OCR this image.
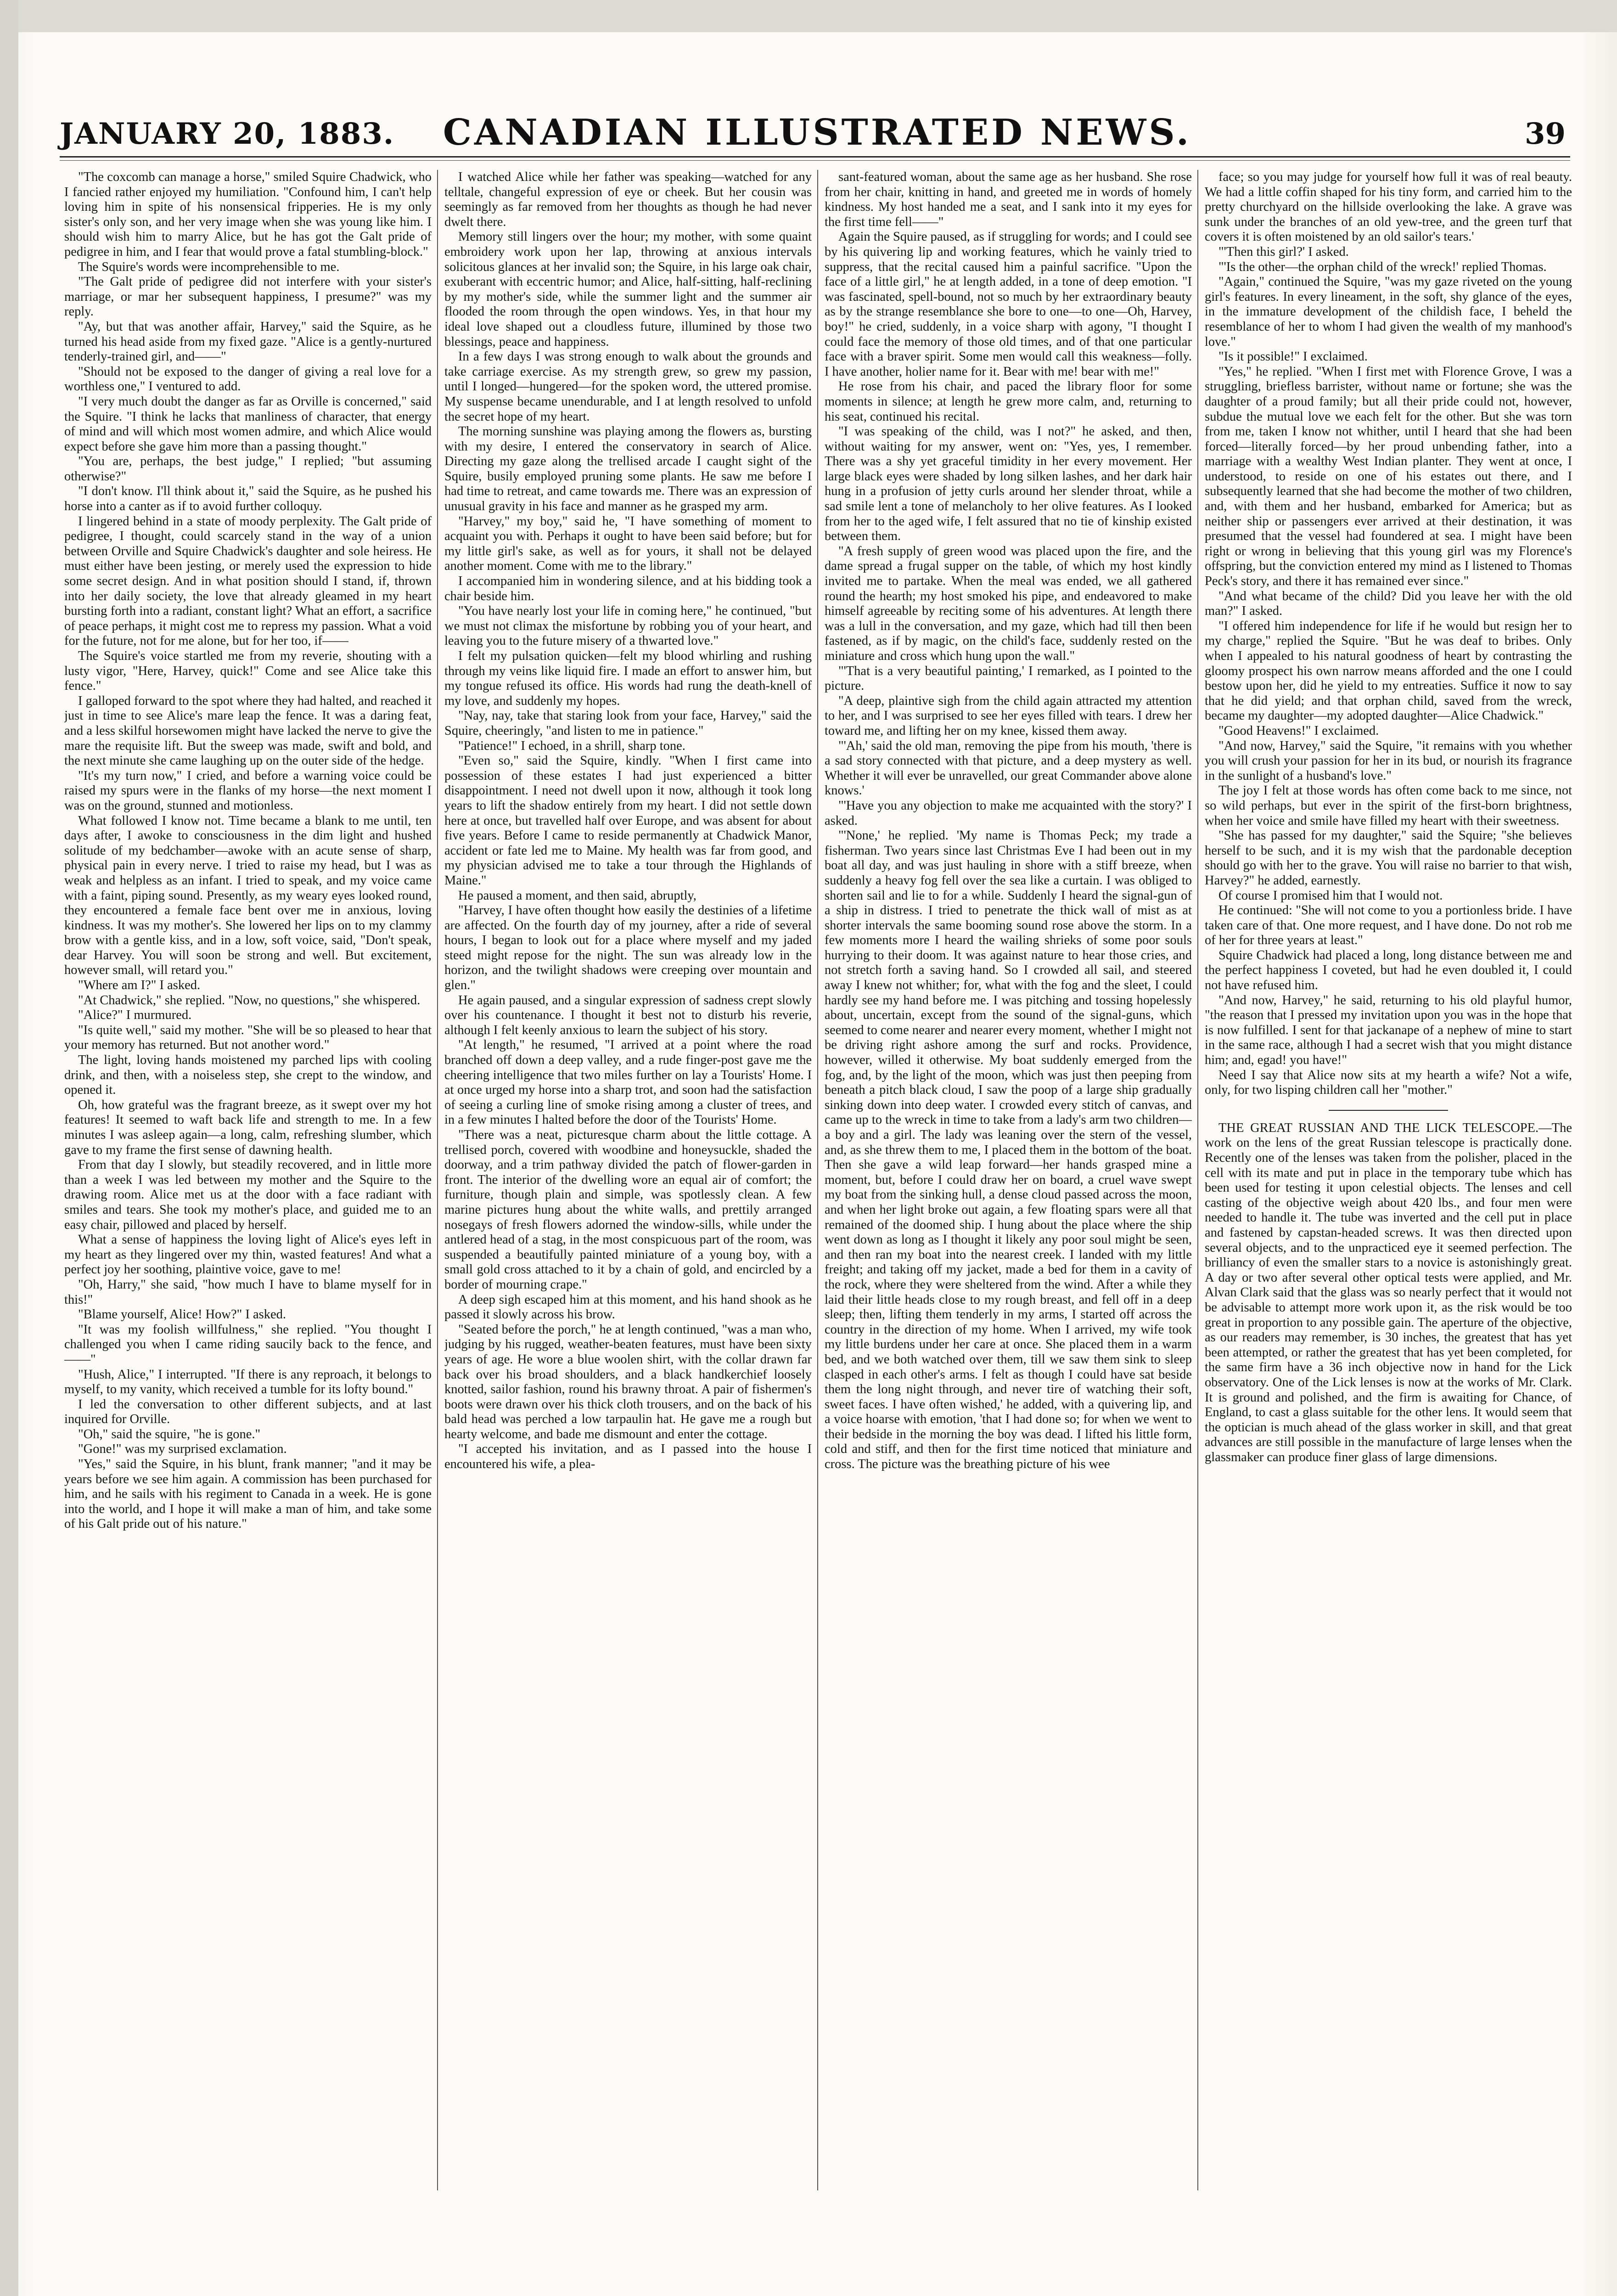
JANUARY 20, 1883.	CANADIAN ILLUSTRATED NEWS.	39

"The coxcomb can manage a horse," smiled Squire Chadwick, who I fancied rather enjoyed my humiliation. "Confound him, I can't help loving him in spite of his nonsensical fripperies. He is my only sister's only son, and her very image when she was young like him. I should wish him to marry Alice, but he has got the Galt pride of pedigree in him, and I fear that would prove a fatal stumbling-block."

The Squire's words were incomprehensible to me.

"The Galt pride of pedigree did not interfere with your sister's marriage, or mar her subsequent happiness, I presume?" was my reply.

"Ay, but that was another affair, Harvey," said the Squire, as he turned his head aside from my fixed gaze. "Alice is a gently-nurtured tenderly-trained girl, and——"

"Should not be exposed to the danger of giving a real love for a worthless one," I ventured to add.

"I very much doubt the danger as far as Orville is concerned," said the Squire. "I think he lacks that manliness of character, that energy of mind and will which most women admire, and which Alice would expect before she gave him more than a passing thought."

"You are, perhaps, the best judge," I replied; "but assuming otherwise?"

"I don't know. I'll think about it," said the Squire, as he pushed his horse into a canter as if to avoid further colloquy.

I lingered behind in a state of moody perplexity. The Galt pride of pedigree, I thought, could scarcely stand in the way of a union between Orville and Squire Chadwick's daughter and sole heiress. He must either have been jesting, or merely used the expression to hide some secret design. And in what position should I stand, if, thrown into her daily society, the love that already gleamed in my heart bursting forth into a radiant, constant light? What an effort, a sacrifice of peace perhaps, it might cost me to repress my passion. What a void for the future, not for me alone, but for her too, if——

The Squire's voice startled me from my reverie, shouting with a lusty vigor, "Here, Harvey, quick!" Come and see Alice take this fence."

I galloped forward to the spot where they had halted, and reached it just in time to see Alice's mare leap the fence. It was a daring feat, and a less skilful horsewomen might have lacked the nerve to give the mare the requisite lift. But the sweep was made, swift and bold, and the next minute she came laughing up on the outer side of the hedge.

"It's my turn now," I cried, and before a warning voice could be raised my spurs were in the flanks of my horse—the next moment I was on the ground, stunned and motionless.

What followed I know not. Time became a blank to me until, ten days after, I awoke to consciousness in the dim light and hushed solitude of my bedchamber—awoke with an acute sense of sharp, physical pain in every nerve. I tried to raise my head, but I was as weak and helpless as an infant. I tried to speak, and my voice came with a faint, piping sound. Presently, as my weary eyes looked round, they encountered a female face bent over me in anxious, loving kindness. It was my mother's. She lowered her lips on to my clammy brow with a gentle kiss, and in a low, soft voice, said, "Don't speak, dear Harvey. You will soon be strong and well. But excitement, however small, will retard you."

"Where am I?" I asked.

"At Chadwick," she replied. "Now, no questions," she whispered.

"Alice?" I murmured.

"Is quite well," said my mother. "She will be so pleased to hear that your memory has returned. But not another word."

The light, loving hands moistened my parched lips with cooling drink, and then, with a noiseless step, she crept to the window, and opened it.

Oh, how grateful was the fragrant breeze, as it swept over my hot features! It seemed to waft back life and strength to me. In a few minutes I was asleep again—a long, calm, refreshing slumber, which gave to my frame the first sense of dawning health.

From that day I slowly, but steadily recovered, and in little more than a week I was led between my mother and the Squire to the drawing room. Alice met us at the door with a face radiant with smiles and tears. She took my mother's place, and guided me to an easy chair, pillowed and placed by herself.

What a sense of happiness the loving light of Alice's eyes left in my heart as they lingered over my thin, wasted features! And what a perfect joy her soothing, plaintive voice, gave to me!

"Oh, Harry," she said, "how much I have to blame myself for in this!"

"Blame yourself, Alice! How?" I asked.

"It was my foolish willfulness," she replied. "You thought I challenged you when I came riding saucily back to the fence, and——"

"Hush, Alice," I interrupted. "If there is any reproach, it belongs to myself, to my vanity, which received a tumble for its lofty bound."

I led the conversation to other different subjects, and at last inquired for Orville.

"Oh," said the squire, "he is gone."

"Gone!" was my surprised exclamation.

"Yes," said the Squire, in his blunt, frank manner; "and it may be years before we see him again. A commission has been purchased for him, and he sails with his regiment to Canada in a week. He is gone into the world, and I hope it will make a man of him, and take some of his Galt pride out of his nature."

I watched Alice while her father was speaking—watched for any telltale, changeful expression of eye or cheek. But her cousin was seemingly as far removed from her thoughts as though he had never dwelt there.

Memory still lingers over the hour; my mother, with some quaint embroidery work upon her lap, throwing at anxious intervals solicitous glances at her invalid son; the Squire, in his large oak chair, exuberant with eccentric humor; and Alice, half-sitting, half-reclining by my mother's side, while the summer light and the summer air flooded the room through the open windows. Yes, in that hour my ideal love shaped out a cloudless future, illumined by those two blessings, peace and happiness.

In a few days I was strong enough to walk about the grounds and take carriage exercise. As my strength grew, so grew my passion, until I longed—hungered—for the spoken word, the uttered promise. My suspense became unendurable, and I at length resolved to unfold the secret hope of my heart.

The morning sunshine was playing among the flowers as, bursting with my desire, I entered the conservatory in search of Alice. Directing my gaze along the trellised arcade I caught sight of the Squire, busily employed pruning some plants. He saw me before I had time to retreat, and came towards me. There was an expression of unusual gravity in his face and manner as he grasped my arm.

"Harvey," my boy," said he, "I have something of moment to acquaint you with. Perhaps it ought to have been said before; but for my little girl's sake, as well as for yours, it shall not be delayed another moment. Come with me to the library."

I accompanied him in wondering silence, and at his bidding took a chair beside him.

"You have nearly lost your life in coming here," he continued, "but we must not climax the misfortune by robbing you of your heart, and leaving you to the future misery of a thwarted love."

I felt my pulsation quicken—felt my blood whirling and rushing through my veins like liquid fire. I made an effort to answer him, but my tongue refused its office. His words had rung the death-knell of my love, and suddenly my hopes.

"Nay, nay, take that staring look from your face, Harvey," said the Squire, cheeringly, "and listen to me in patience."

"Patience!" I echoed, in a shrill, sharp tone.

"Even so," said the Squire, kindly. "When I first came into possession of these estates I had just experienced a bitter disappointment. I need not dwell upon it now, although it took long years to lift the shadow entirely from my heart. I did not settle down here at once, but travelled half over Europe, and was absent for about five years. Before I came to reside permanently at Chadwick Manor, accident or fate led me to Maine. My health was far from good, and my physician advised me to take a tour through the Highlands of Maine."

He paused a moment, and then said, abruptly,

"Harvey, I have often thought how easily the destinies of a lifetime are affected. On the fourth day of my journey, after a ride of several hours, I began to look out for a place where myself and my jaded steed might repose for the night. The sun was already low in the horizon, and the twilight shadows were creeping over mountain and glen."

He again paused, and a singular expression of sadness crept slowly over his countenance. I thought it best not to disturb his reverie, although I felt keenly anxious to learn the subject of his story.

"At length," he resumed, "I arrived at a point where the road branched off down a deep valley, and a rude finger-post gave me the cheering intelligence that two miles further on lay a Tourists' Home. I at once urged my horse into a sharp trot, and soon had the satisfaction of seeing a curling line of smoke rising among a cluster of trees, and in a few minutes I halted before the door of the Tourists' Home.

"There was a neat, picturesque charm about the little cottage. A trellised porch, covered with woodbine and honeysuckle, shaded the doorway, and a trim pathway divided the patch of flower-garden in front. The interior of the dwelling wore an equal air of comfort; the furniture, though plain and simple, was spotlessly clean. A few marine pictures hung about the white walls, and prettily arranged nosegays of fresh flowers adorned the window-sills, while under the antlered head of a stag, in the most conspicuous part of the room, was suspended a beautifully painted miniature of a young boy, with a small gold cross attached to it by a chain of gold, and encircled by a border of mourning crape."

A deep sigh escaped him at this moment, and his hand shook as he passed it slowly across his brow.

"Seated before the porch," he at length continued, "was a man who, judging by his rugged, weather-beaten features, must have been sixty years of age. He wore a blue woolen shirt, with the collar drawn far back over his broad shoulders, and a black handkerchief loosely knotted, sailor fashion, round his brawny throat. A pair of fishermen's boots were drawn over his thick cloth trousers, and on the back of his bald head was perched a low tarpaulin hat. He gave me a rough but hearty welcome, and bade me dismount and enter the cottage.

"I accepted his invitation, and as I passed into the house I encountered his wife, a plea-

sant-featured woman, about the same age as her husband. She rose from her chair, knitting in hand, and greeted me in words of homely kindness. My host handed me a seat, and I sank into it my eyes for the first time fell——"

Again the Squire paused, as if struggling for words; and I could see by his quivering lip and working features, which he vainly tried to suppress, that the recital caused him a painful sacrifice. "Upon the face of a little girl," he at length added, in a tone of deep emotion. "I was fascinated, spell-bound, not so much by her extraordinary beauty as by the strange resemblance she bore to one—to one—Oh, Harvey, boy!" he cried, suddenly, in a voice sharp with agony, "I thought I could face the memory of those old times, and of that one particular face with a braver spirit. Some men would call this weakness—folly. I have another, holier name for it. Bear with me! bear with me!"

He rose from his chair, and paced the library floor for some moments in silence; at length he grew more calm, and, returning to his seat, continued his recital.

"I was speaking of the child, was I not?" he asked, and then, without waiting for my answer, went on: "Yes, yes, I remember. There was a shy yet graceful timidity in her every movement. Her large black eyes were shaded by long silken lashes, and her dark hair hung in a profusion of jetty curls around her slender throat, while a sad smile lent a tone of melancholy to her olive features. As I looked from her to the aged wife, I felt assured that no tie of kinship existed between them.

"A fresh supply of green wood was placed upon the fire, and the dame spread a frugal supper on the table, of which my host kindly invited me to partake. When the meal was ended, we all gathered round the hearth; my host smoked his pipe, and endeavored to make himself agreeable by reciting some of his adventures. At length there was a lull in the conversation, and my gaze, which had till then been fastened, as if by magic, on the child's face, suddenly rested on the miniature and cross which hung upon the wall."

"'That is a very beautiful painting,' I remarked, as I pointed to the picture.

"A deep, plaintive sigh from the child again attracted my attention to her, and I was surprised to see her eyes filled with tears. I drew her toward me, and lifting her on my knee, kissed them away.

"'Ah,' said the old man, removing the pipe from his mouth, 'there is a sad story connected with that picture, and a deep mystery as well. Whether it will ever be unravelled, our great Commander above alone knows.'

"'Have you any objection to make me acquainted with the story?' I asked.

"'None,' he replied. 'My name is Thomas Peck; my trade a fisherman. Two years since last Christmas Eve I had been out in my boat all day, and was just hauling in shore with a stiff breeze, when suddenly a heavy fog fell over the sea like a curtain. I was obliged to shorten sail and lie to for a while. Suddenly I heard the signal-gun of a ship in distress. I tried to penetrate the thick wall of mist as at shorter intervals the same booming sound rose above the storm. In a few moments more I heard the wailing shrieks of some poor souls hurrying to their doom. It was against nature to hear those cries, and not stretch forth a saving hand. So I crowded all sail, and steered away I knew not whither; for, what with the fog and the sleet, I could hardly see my hand before me. I was pitching and tossing hopelessly about, uncertain, except from the sound of the signal-guns, which seemed to come nearer and nearer every moment, whether I might not be driving right ashore among the surf and rocks. Providence, however, willed it otherwise. My boat suddenly emerged from the fog, and, by the light of the moon, which was just then peeping from beneath a pitch black cloud, I saw the poop of a large ship gradually sinking down into deep water. I crowded every stitch of canvas, and came up to the wreck in time to take from a lady's arm two children—a boy and a girl. The lady was leaning over the stern of the vessel, and, as she threw them to me, I placed them in the bottom of the boat. Then she gave a wild leap forward—her hands grasped mine a moment, but, before I could draw her on board, a cruel wave swept my boat from the sinking hull, a dense cloud passed across the moon, and when her light broke out again, a few floating spars were all that remained of the doomed ship. I hung about the place where the ship went down as long as I thought it likely any poor soul might be seen, and then ran my boat into the nearest creek. I landed with my little freight; and taking off my jacket, made a bed for them in a cavity of the rock, where they were sheltered from the wind. After a while they laid their little heads close to my rough breast, and fell off in a deep sleep; then, lifting them tenderly in my arms, I started off across the country in the direction of my home. When I arrived, my wife took my little burdens under her care at once. She placed them in a warm bed, and we both watched over them, till we saw them sink to sleep clasped in each other's arms. I felt as though I could have sat beside them the long night through, and never tire of watching their soft, sweet faces. I have often wished,' he added, with a quivering lip, and a voice hoarse with emotion, 'that I had done so; for when we went to their bedside in the morning the boy was dead. I lifted his little form, cold and stiff, and then for the first time noticed that miniature and cross. The picture was the breathing picture of his wee

face; so you may judge for yourself how full it was of real beauty. We had a little coffin shaped for his tiny form, and carried him to the pretty churchyard on the hillside overlooking the lake. A grave was sunk under the branches of an old yew-tree, and the green turf that covers it is often moistened by an old sailor's tears.'

"'Then this girl?' I asked.

"'Is the other—the orphan child of the wreck!' replied Thomas.

"Again," continued the Squire, "was my gaze riveted on the young girl's features. In every lineament, in the soft, shy glance of the eyes, in the immature development of the childish face, I beheld the resemblance of her to whom I had given the wealth of my manhood's love."

"Is it possible!" I exclaimed.

"Yes," he replied. "When I first met with Florence Grove, I was a struggling, briefless barrister, without name or fortune; she was the daughter of a proud family; but all their pride could not, however, subdue the mutual love we each felt for the other. But she was torn from me, taken I know not whither, until I heard that she had been forced—literally forced—by her proud unbending father, into a marriage with a wealthy West Indian planter. They went at once, I understood, to reside on one of his estates out there, and I subsequently learned that she had become the mother of two children, and, with them and her husband, embarked for America; but as neither ship or passengers ever arrived at their destination, it was presumed that the vessel had foundered at sea. I might have been right or wrong in believing that this young girl was my Florence's offspring, but the conviction entered my mind as I listened to Thomas Peck's story, and there it has remained ever since."

"And what became of the child? Did you leave her with the old man?" I asked.

"I offered him independence for life if he would but resign her to my charge," replied the Squire. "But he was deaf to bribes. Only when I appealed to his natural goodness of heart by contrasting the gloomy prospect his own narrow means afforded and the one I could bestow upon her, did he yield to my entreaties. Suffice it now to say that he did yield; and that orphan child, saved from the wreck, became my daughter—my adopted daughter—Alice Chadwick."

"Good Heavens!" I exclaimed.

"And now, Harvey," said the Squire, "it remains with you whether you will crush your passion for her in its bud, or nourish its fragrance in the sunlight of a husband's love."

The joy I felt at those words has often come back to me since, not so wild perhaps, but ever in the spirit of the first-born brightness, when her voice and smile have filled my heart with their sweetness.

"She has passed for my daughter," said the Squire; "she believes herself to be such, and it is my wish that the pardonable deception should go with her to the grave. You will raise no barrier to that wish, Harvey?" he added, earnestly.

Of course I promised him that I would not.

He continued: "She will not come to you a portionless bride. I have taken care of that. One more request, and I have done. Do not rob me of her for three years at least."

Squire Chadwick had placed a long, long distance between me and the perfect happiness I coveted, but had he even doubled it, I could not have refused him.

"And now, Harvey," he said, returning to his old playful humor, "the reason that I pressed my invitation upon you was in the hope that is now fulfilled. I sent for that jackanape of a nephew of mine to start in the same race, although I had a secret wish that you might distance him; and, egad! you have!"

Need I say that Alice now sits at my hearth a wife? Not a wife, only, for two lisping children call her "mother."

THE GREAT RUSSIAN AND THE LICK TELESCOPE.—The work on the lens of the great Russian telescope is practically done. Recently one of the lenses was taken from the polisher, placed in the cell with its mate and put in place in the temporary tube which has been used for testing it upon celestial objects. The lenses and cell casting of the objective weigh about 420 lbs., and four men were needed to handle it. The tube was inverted and the cell put in place and fastened by capstan-headed screws. It was then directed upon several objects, and to the unpracticed eye it seemed perfection. The brilliancy of even the smaller stars to a novice is astonishingly great. A day or two after several other optical tests were applied, and Mr. Alvan Clark said that the glass was so nearly perfect that it would not be advisable to attempt more work upon it, as the risk would be too great in proportion to any possible gain. The aperture of the objective, as our readers may remember, is 30 inches, the greatest that has yet been attempted, or rather the greatest that has yet been completed, for the same firm have a 36 inch objective now in hand for the Lick observatory. One of the Lick lenses is now at the works of Mr. Clark. It is ground and polished, and the firm is awaiting for Chance, of England, to cast a glass suitable for the other lens. It would seem that the optician is much ahead of the glass worker in skill, and that great advances are still possible in the manufacture of large lenses when the glassmaker can produce finer glass of large dimensions.
